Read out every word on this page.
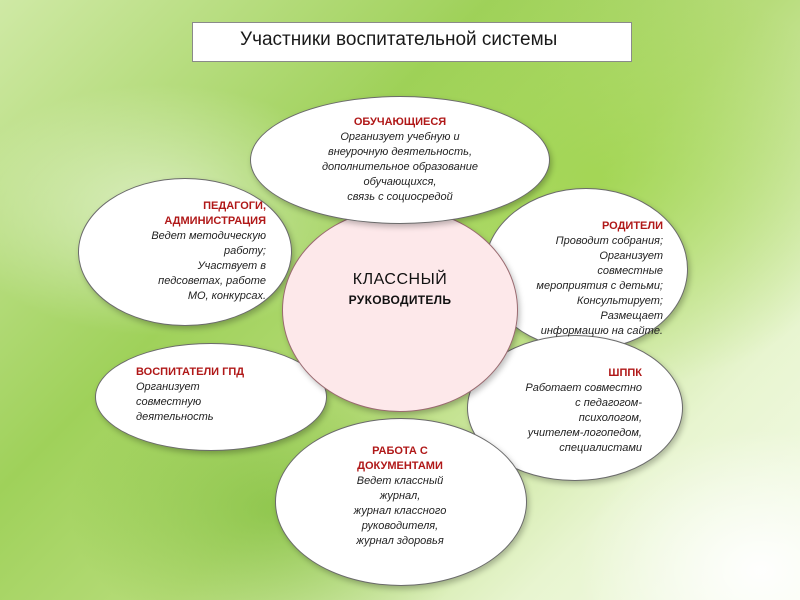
Участники воспитательной системы
ОБУЧАЮЩИЕСЯ
Организует учебную и
внеурочную деятельность,
дополнительное образование
обучающихся,
связь с социосредой
ПЕДАГОГИ,
АДМИНИСТРАЦИЯ
Ведет методическую
работу;
Участвует в
педсоветах, работе
МО, конкурсах.
РОДИТЕЛИ
Проводит собрания;
Организует
совместные
мероприятия с детьми;
Консультирует;
Размещает
информацию на сайте.
ВОСПИТАТЕЛИ ГПД
Организует
совместную
деятельность
ШППК
Работает совместно
с педагогом-
психологом,
учителем-логопедом,
специалистами
РАБОТА С
ДОКУМЕНТАМИ
Ведет классный
журнал,
журнал классного
руководителя,
журнал здоровья
КЛАССНЫЙ
РУКОВОДИТЕЛЬ
